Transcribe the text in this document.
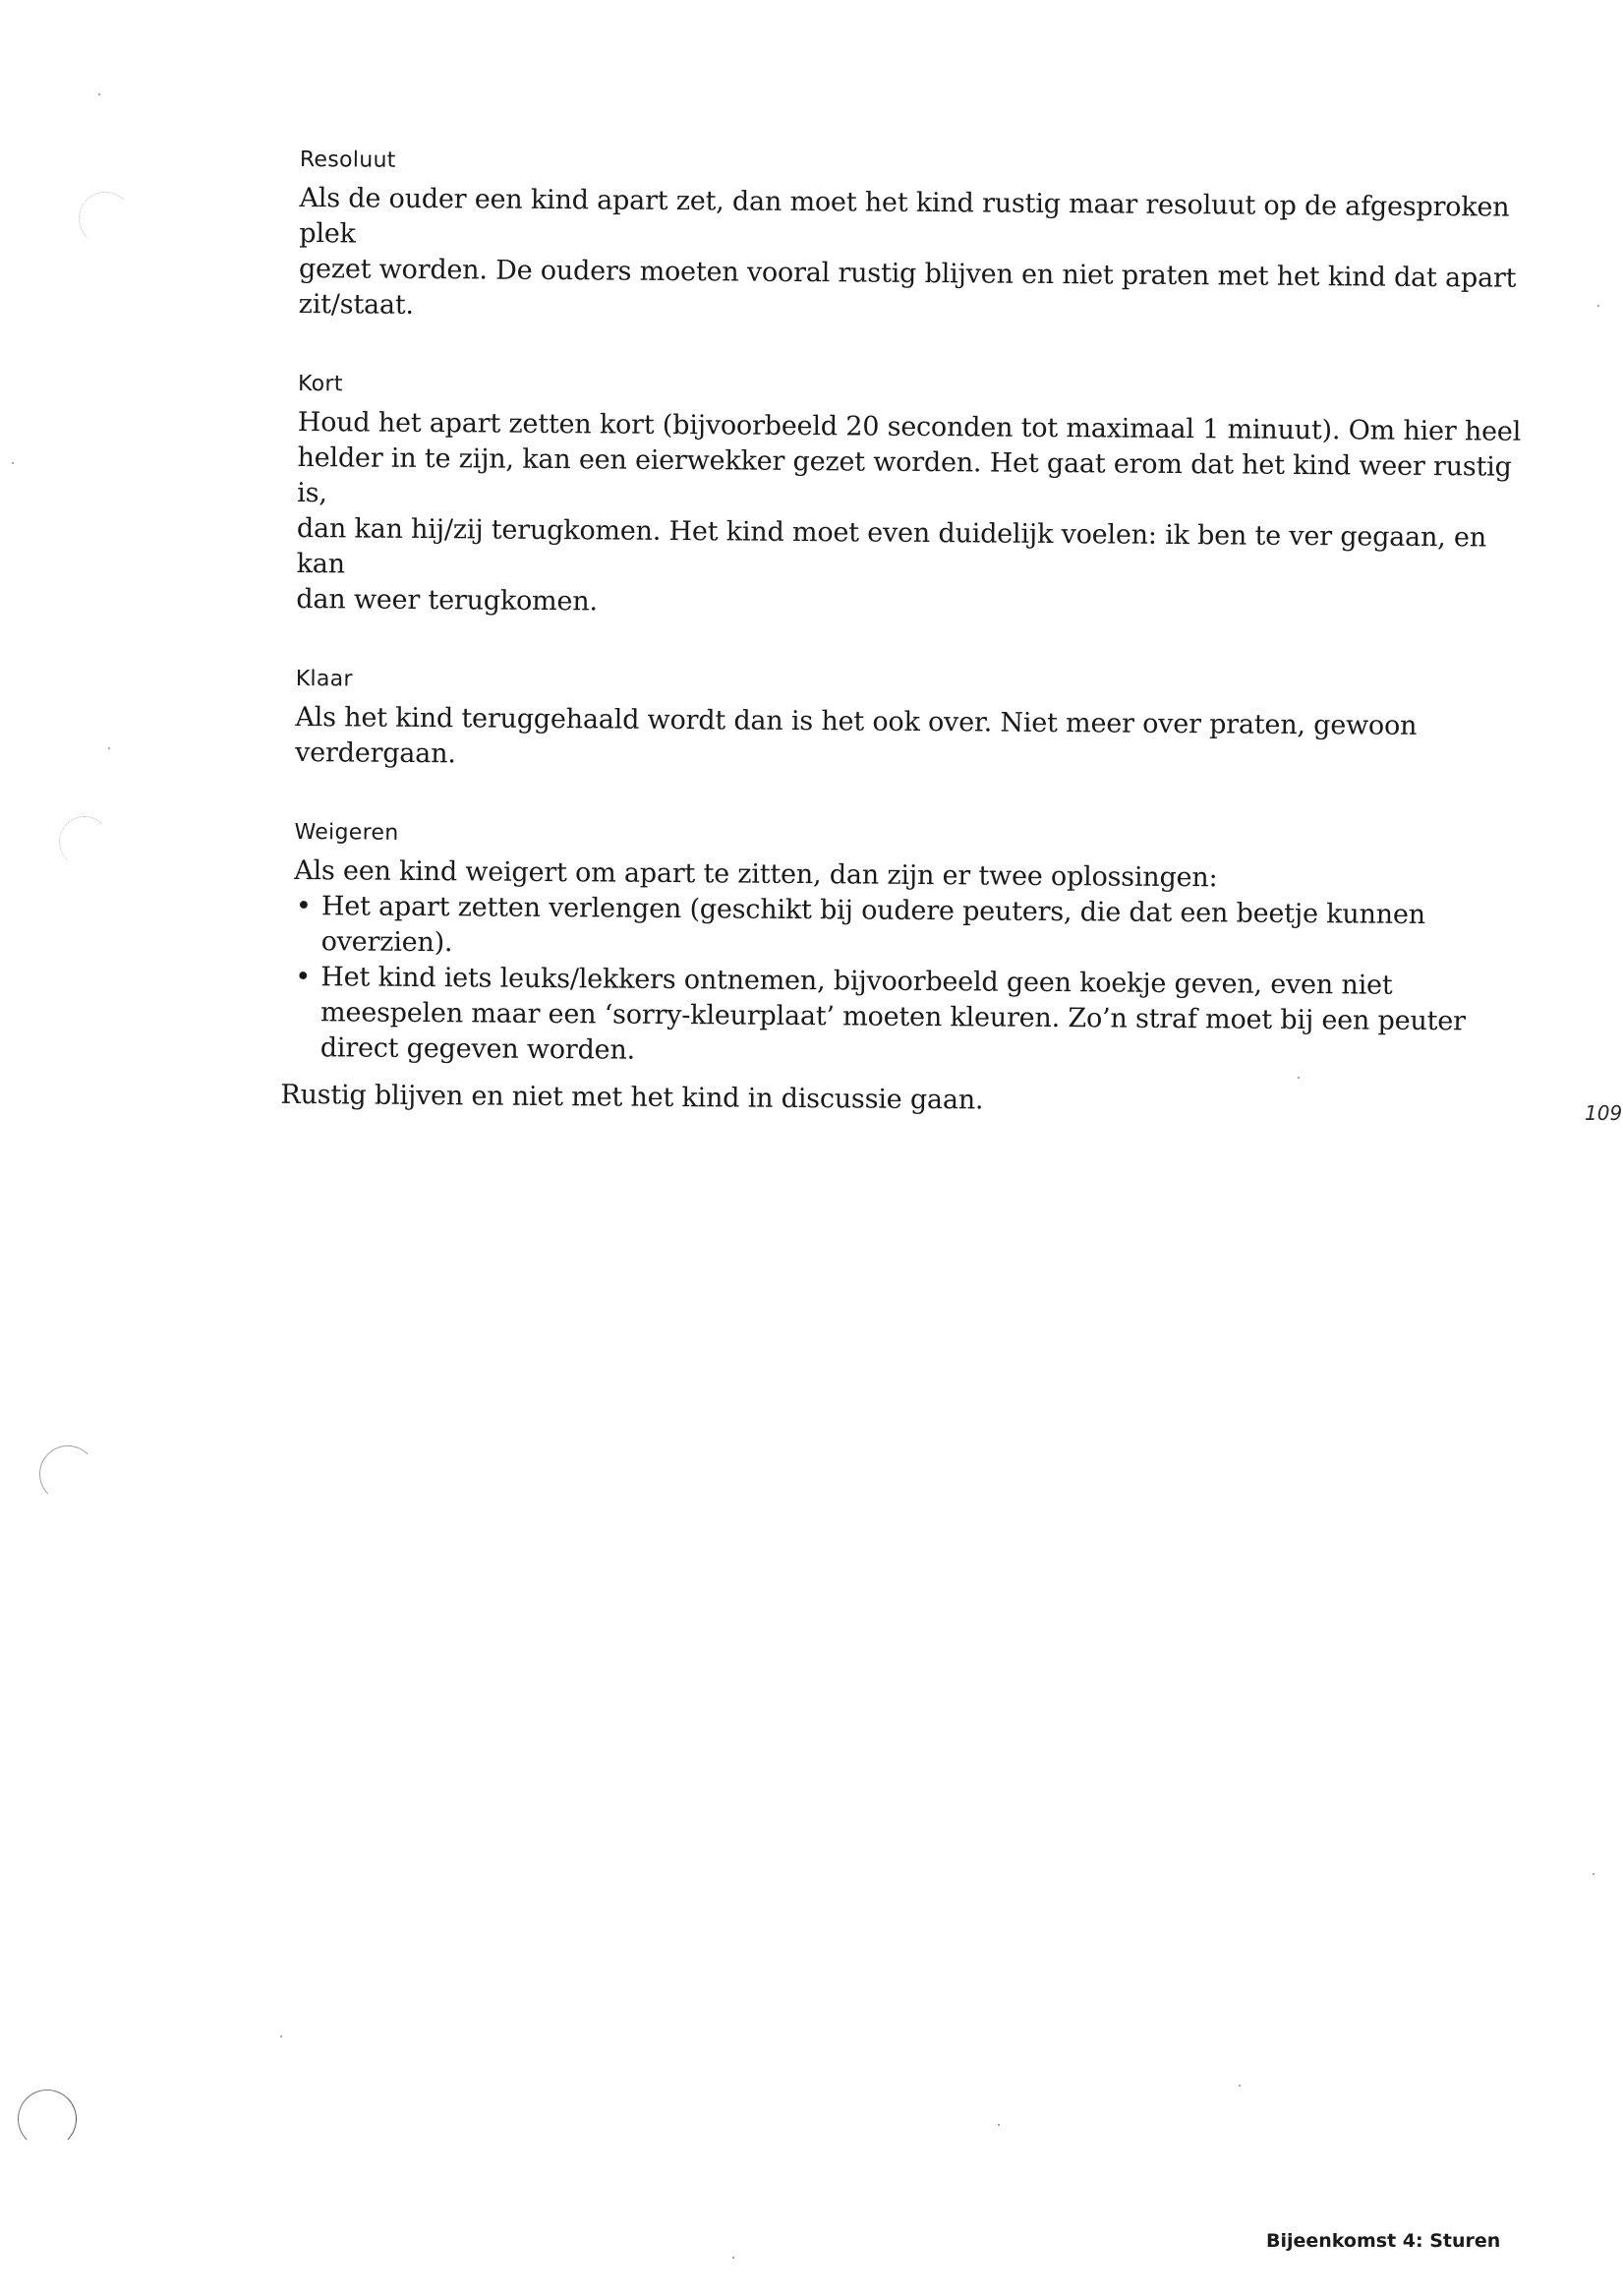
Resoluut

Als de ouder een kind apart zet, dan moet het kind rustig maar resoluut op de afgesproken plek

gezet worden. De ouders moeten vooral rustig blijven en niet praten met het kind dat apart

zit/staat.

Kort

Houd het apart zetten kort (bijvoorbeeld 20 seconden tot maximaal 1 minuut). Om hier heel

helder in te zijn, kan een eierwekker gezet worden. Het gaat erom dat het kind weer rustig is,

dan kan hij/zij terugkomen. Het kind moet even duidelijk voelen: ik ben te ver gegaan, en kan

dan weer terugkomen.

Klaar

Als het kind teruggehaald wordt dan is het ook over. Niet meer over praten, gewoon verdergaan.

Weigeren

Als een kind weigert om apart te zitten, dan zijn er twee oplossingen:

• Het apart zetten verlengen (geschikt bij oudere peuters, die dat een beetje kunnen overzien).
• Het kind iets leuks/lekkers ontnemen, bijvoorbeeld geen koekje geven, even niet meespelen maar een ‘sorry-kleurplaat’ moeten kleuren. Zo’n straf moet bij een peuter direct gegeven worden.

Rustig blijven en niet met het kind in discussie gaan.	109
Bijeenkomst 4: Sturen
